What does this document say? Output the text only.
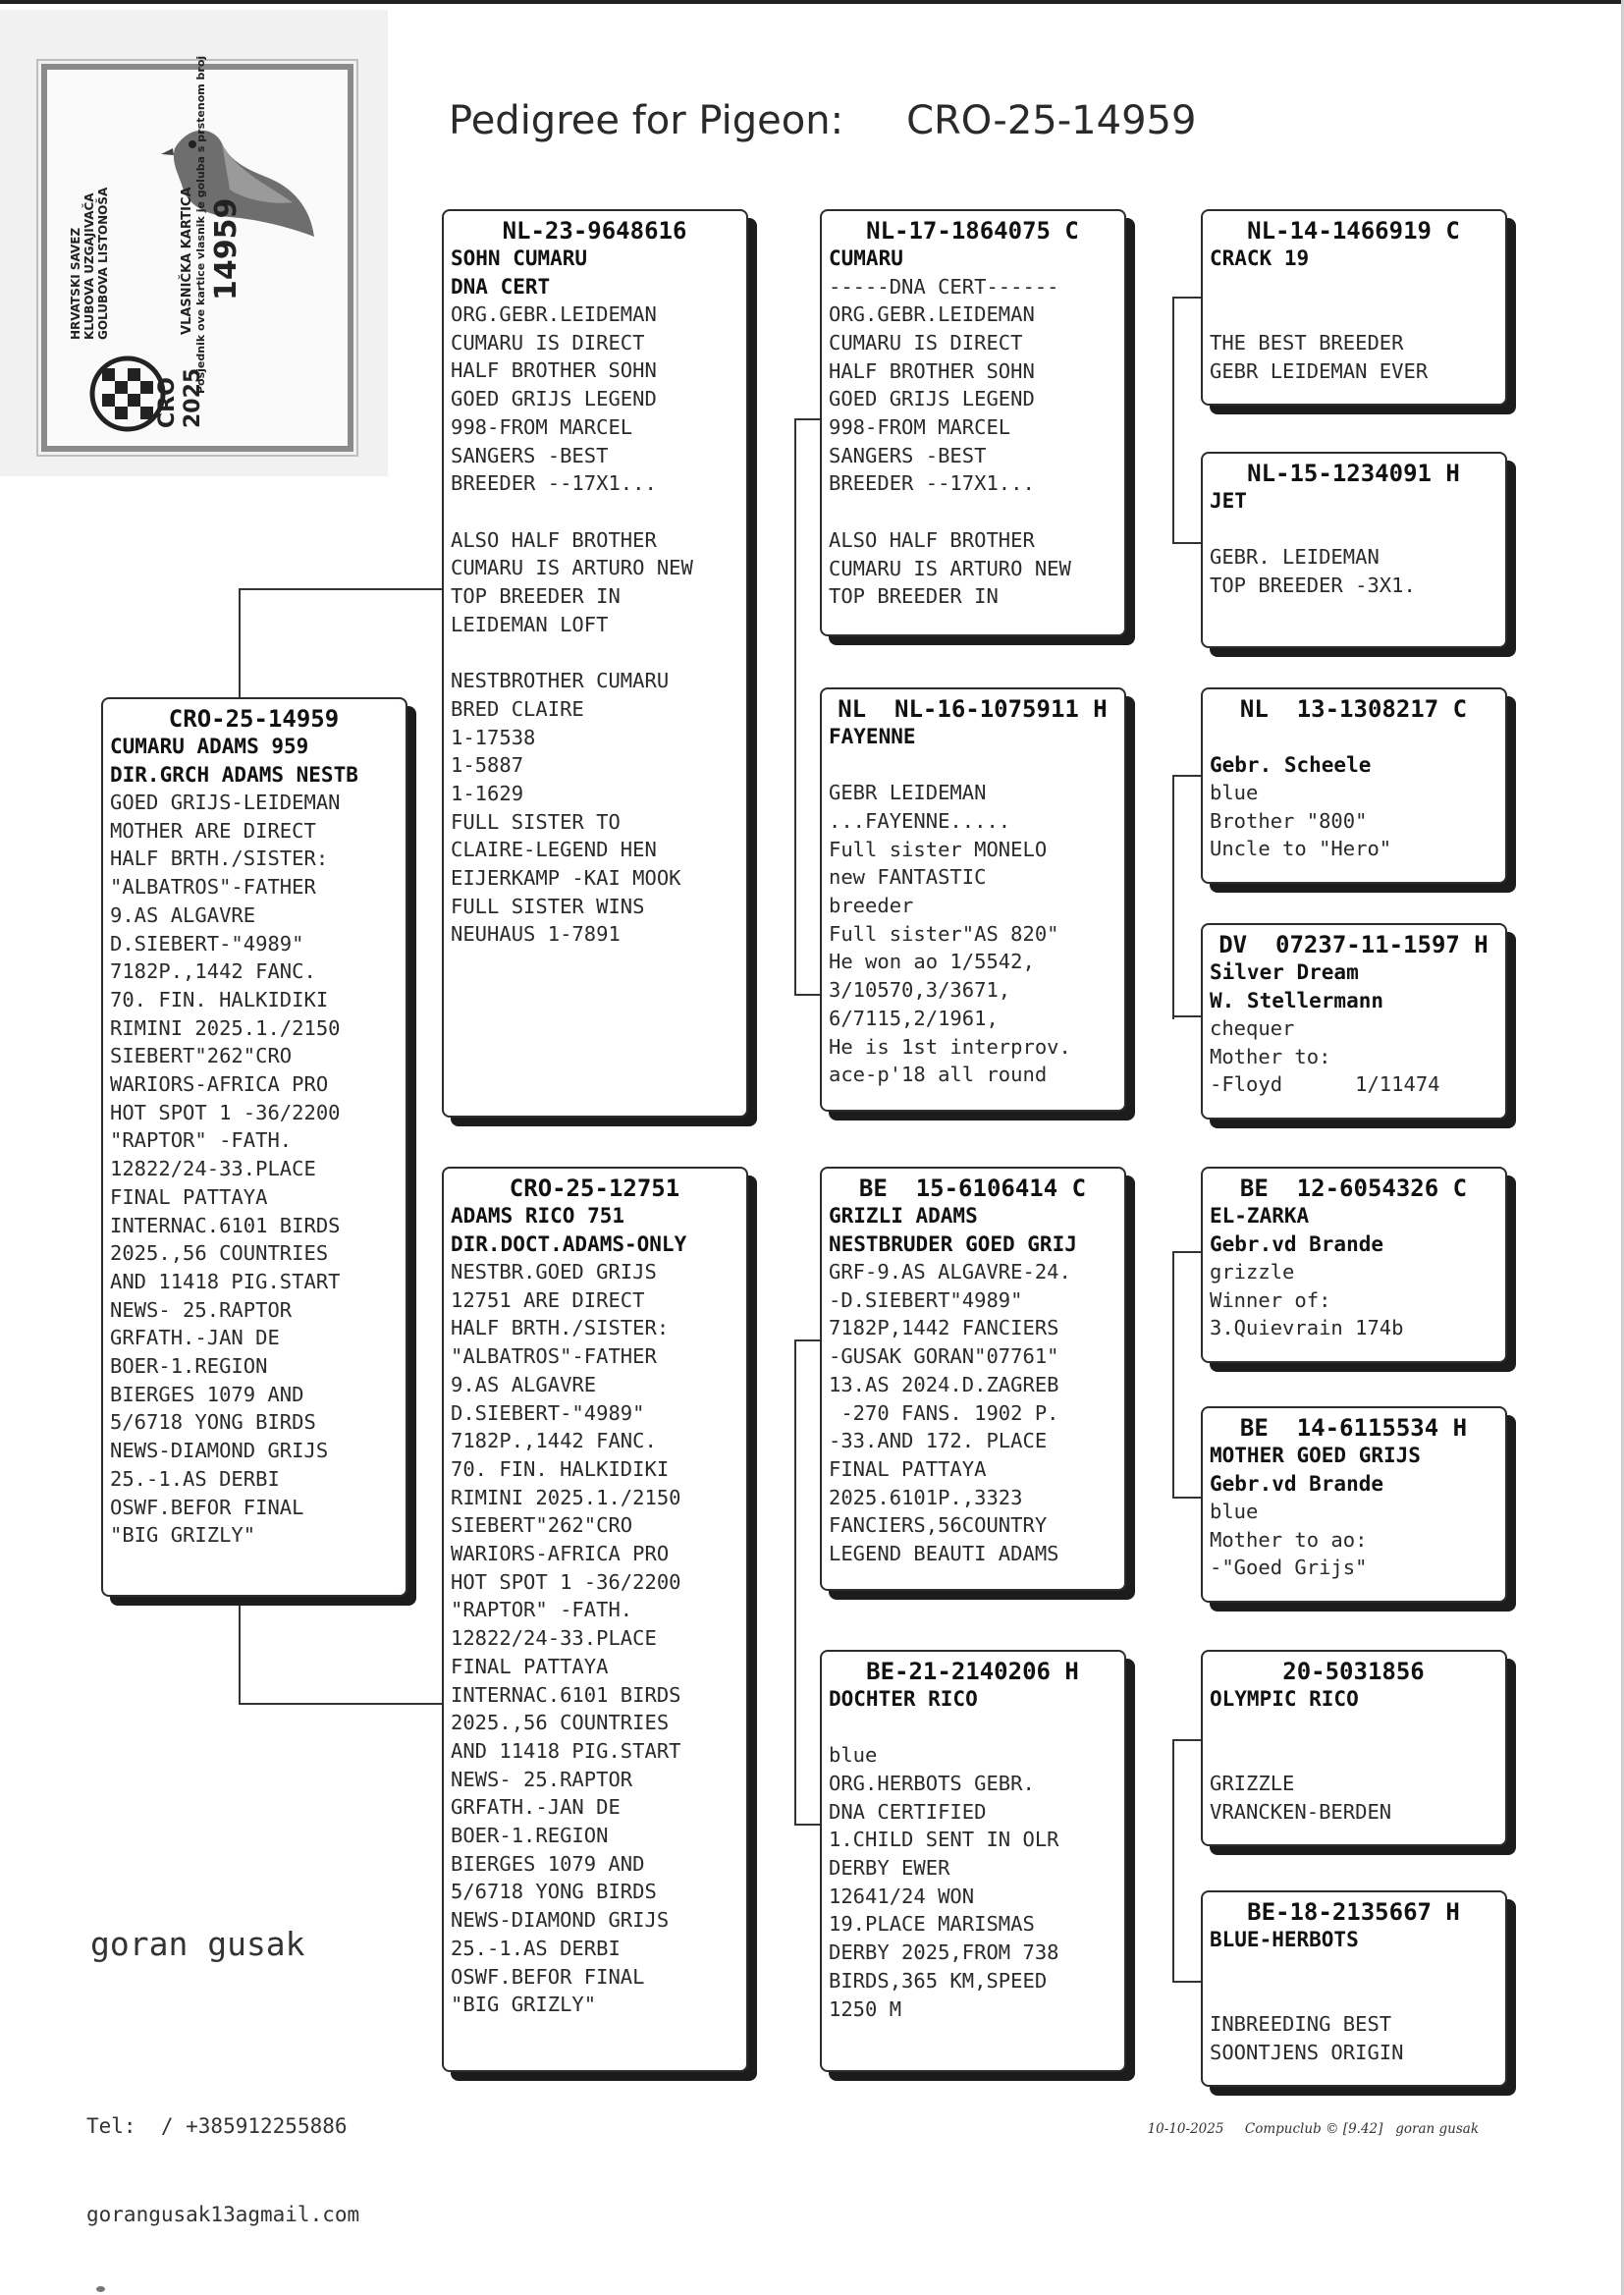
HRVATSKI SAVEZ KLUBOVA UZGAJIVAČA GOLUBOVA LISTONOŠA	VLASNIČKA KARTICA Posjednik ove kartice vlasnik je goluba s prstenom broj 14959
CRO 2025
Pedigree for Pigeon: CRO-25-14959
CRO-25-14959
CUMARU ADAMS 959
DIR.GRCH ADAMS NESTB
GOED GRIJS-LEIDEMAN
MOTHER ARE DIRECT
HALF BRTH./SISTER:
"ALBATROS"-FATHER
9.AS ALGAVRE
D.SIEBERT-"4989"
7182P.,1442 FANC.
70. FIN. HALKIDIKI
RIMINI 2025.1./2150
SIEBERT"262"CRO
WARIORS-AFRICA PRO
HOT SPOT 1 -36/2200
"RAPTOR" -FATH.
12822/24-33.PLACE
FINAL PATTAYA
INTERNAC.6101 BIRDS
2025.,56 COUNTRIES
AND 11418 PIG.START
NEWS- 25.RAPTOR
GRFATH.-JAN DE
BOER-1.REGION
BIERGES 1079 AND
5/6718 YONG BIRDS
NEWS-DIAMOND GRIJS
25.-1.AS DERBI
OSWF.BEFOR FINAL
"BIG GRIZLY"
NL-23-9648616
SOHN CUMARU
DNA CERT
ORG.GEBR.LEIDEMAN
CUMARU IS DIRECT
HALF BROTHER SOHN
GOED GRIJS LEGEND
998-FROM MARCEL
SANGERS -BEST
BREEDER --17X1...
ALSO HALF BROTHER
CUMARU IS ARTURO NEW
TOP BREEDER IN
LEIDEMAN LOFT
NESTBROTHER CUMARU
BRED CLAIRE
1-17538
1-5887
1-1629
FULL SISTER TO
CLAIRE-LEGEND HEN
EIJERKAMP -KAI MOOK
FULL SISTER WINS
NEUHAUS 1-7891
CRO-25-12751
ADAMS RICO 751
DIR.DOCT.ADAMS-ONLY
NESTBR.GOED GRIJS
12751 ARE DIRECT
HALF BRTH./SISTER:
"ALBATROS"-FATHER
9.AS ALGAVRE
D.SIEBERT-"4989"
7182P.,1442 FANC.
70. FIN. HALKIDIKI
RIMINI 2025.1./2150
SIEBERT"262"CRO
WARIORS-AFRICA PRO
HOT SPOT 1 -36/2200
"RAPTOR" -FATH.
12822/24-33.PLACE
FINAL PATTAYA
INTERNAC.6101 BIRDS
2025.,56 COUNTRIES
AND 11418 PIG.START
NEWS- 25.RAPTOR
GRFATH.-JAN DE
BOER-1.REGION
BIERGES 1079 AND
5/6718 YONG BIRDS
NEWS-DIAMOND GRIJS
25.-1.AS DERBI
OSWF.BEFOR FINAL
"BIG GRIZLY"
NL-17-1864075 C
CUMARU
-----DNA CERT------
ORG.GEBR.LEIDEMAN
CUMARU IS DIRECT
HALF BROTHER SOHN
GOED GRIJS LEGEND
998-FROM MARCEL
SANGERS -BEST
BREEDER --17X1...
ALSO HALF BROTHER
CUMARU IS ARTURO NEW
TOP BREEDER IN
NL  NL-16-1075911 H
FAYENNE
GEBR LEIDEMAN
...FAYENNE.....
Full sister MONELO
new FANTASTIC
breeder
Full sister"AS 820"
He won ao 1/5542,
3/10570,3/3671,
6/7115,2/1961,
He is 1st interprov.
ace-p'18 all round
BE  15-6106414 C
GRIZLI ADAMS
NESTBRUDER GOED GRIJ
GRF-9.AS ALGAVRE-24.
-D.SIEBERT"4989"
7182P,1442 FANCIERS
-GUSAK GORAN"07761"
13.AS 2024.D.ZAGREB
-270 FANS. 1902 P.
-33.AND 172. PLACE
FINAL PATTAYA
2025.6101P.,3323
FANCIERS,56COUNTRY
LEGEND BEAUTI ADAMS
BE-21-2140206 H
DOCHTER RICO
blue
ORG.HERBOTS GEBR.
DNA CERTIFIED
1.CHILD SENT IN OLR
DERBY EWER
12641/24 WON
19.PLACE MARISMAS
DERBY 2025,FROM 738
BIRDS,365 KM,SPEED
1250 M
NL-14-1466919 C
CRACK 19
THE BEST BREEDER
GEBR LEIDEMAN EVER
NL-15-1234091 H
JET
GEBR. LEIDEMAN
TOP BREEDER -3X1.
NL  13-1308217 C
Gebr. Scheele
blue
Brother "800"
Uncle to "Hero"
DV  07237-11-1597 H
Silver Dream
W. Stellermann
chequer
Mother to:
-Floyd      1/11474
BE  12-6054326 C
EL-ZARKA
Gebr.vd Brande
grizzle
Winner of:
3.Quievrain 174b
BE  14-6115534 H
MOTHER GOED GRIJS
Gebr.vd Brande
blue
Mother to ao:
-"Goed Grijs"
20-5031856
OLYMPIC RICO
GRIZZLE
VRANCKEN-BERDEN
BE-18-2135667 H
BLUE-HERBOTS
INBREEDING BEST
SOONTJENS ORIGIN
goran gusak

Tel:  / +385912255886

gorangusak13agmail.com

10-10-2025 Compuclub © [9.42] goran gusak
